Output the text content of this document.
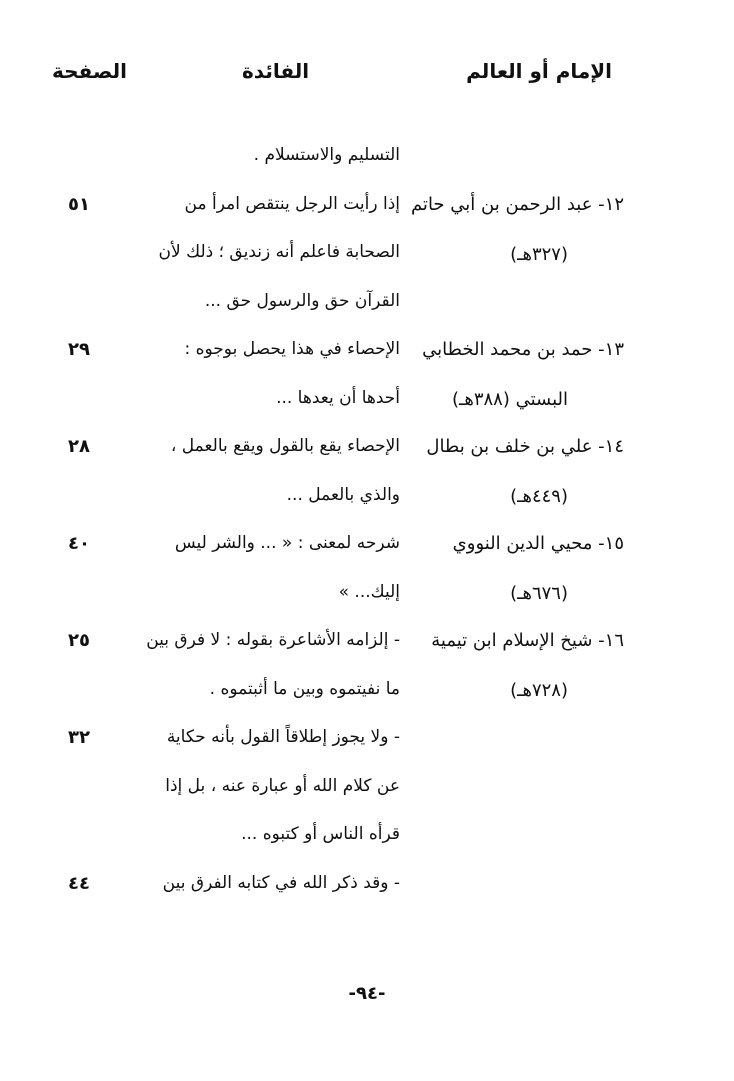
الإمام أو العالم
الفائدة
الصفحة
التسليم والاستسلام .
١٢- عبد الرحمن بن أبي حاتم
(٣٢٧هـ)
إذا رأيت الرجل ينتقص امرأ من
الصحابة فاعلم أنه زنديق ؛ ذلك لأن
القرآن حق والرسول حق ...
٥١
١٣- حمد بن محمد الخطابي
البستي (٣٨٨هـ)
الإحصاء في هذا يحصل بوجوه :
أحدها أن يعدها ...
٢٩
١٤- علي بن خلف بن بطال
(٤٤٩هـ)
الإحصاء يقع بالقول ويقع بالعمل ،
والذي بالعمل ...
٢٨
١٥- محيي الدين النووي
(٦٧٦هـ)
شرحه لمعنى : « ... والشر ليس
إليك... »
٤٠
١٦- شيخ الإسلام ابن تيمية
(٧٢٨هـ)
- إلزامه الأشاعرة بقوله : لا فرق بين
ما نفيتموه وبين ما أثبتموه .
٢٥
- ولا يجوز إطلاقاً القول بأنه حكاية
عن كلام الله أو عبارة عنه ، بل إذا
قرأه الناس أو كتبوه ...
٣٢
- وقد ذكر الله في كتابه الفرق بين
٤٤
-٩٤-
